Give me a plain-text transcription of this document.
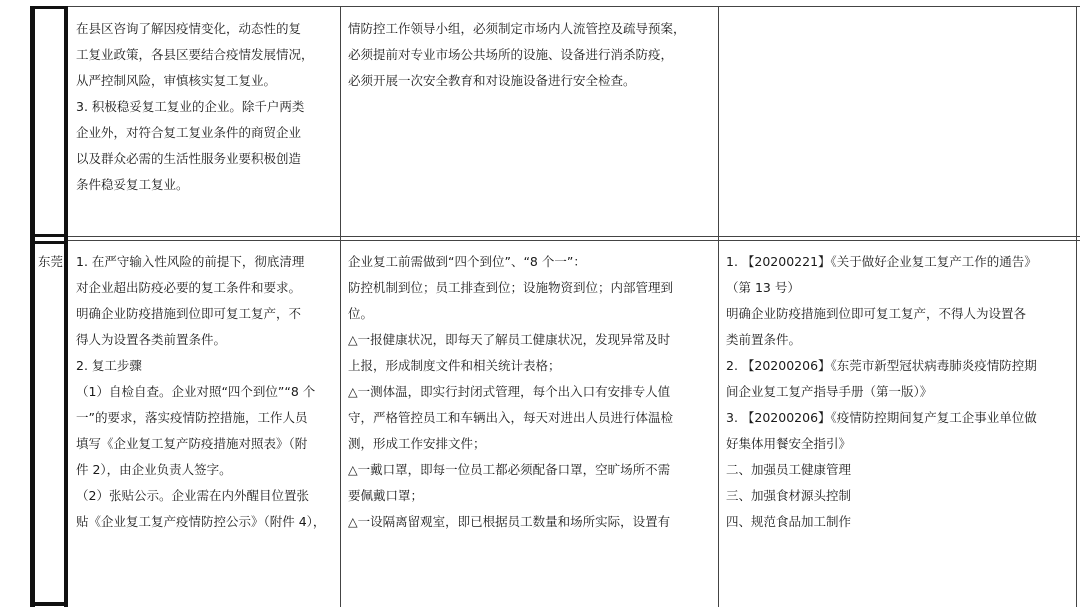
在县区咨询了解因疫情变化，动态性的复

工复业政策，各县区要结合疫情发展情况，

从严控制风险，审慎核实复工复业。

3. 积极稳妥复工复业的企业。除千户两类

企业外，对符合复工复业条件的商贸企业

以及群众必需的生活性服务业要积极创造

条件稳妥复工复业。

情防控工作领导小组，必须制定市场内人流管控及疏导预案，

必须提前对专业市场公共场所的设施、设备进行消杀防疫，

必须开展一次安全教育和对设施设备进行安全检查。

东莞 1. 在严守输入性风险的前提下，彻底清理

对企业超出防疫必要的复工条件和要求。

明确企业防疫措施到位即可复工复产，不

得人为设置各类前置条件。

2. 复工步骤

（1）自检自查。企业对照“四个到位”“8 个

一”的要求，落实疫情防控措施，工作人员

填写《企业复工复产防疫措施对照表》（附

件 2），由企业负责人签字。

（2）张贴公示。企业需在内外醒目位置张

贴《企业复工复产疫情防控公示》（附件 4），

企业复工前需做到“四个到位”、“8 个一”：

防控机制到位；员工排查到位；设施物资到位；内部管理到

位。

△一报健康状况，即每天了解员工健康状况，发现异常及时

上报，形成制度文件和相关统计表格；

△一测体温，即实行封闭式管理，每个出入口有安排专人值

守，严格管控员工和车辆出入，每天对进出人员进行体温检

测，形成工作安排文件；

△一戴口罩，即每一位员工都必须配备口罩，空旷场所不需

要佩戴口罩；

△一设隔离留观室，即已根据员工数量和场所实际，设置有

1. 【20200221】《关于做好企业复工复产工作的通告》

（第 13 号）

明确企业防疫措施到位即可复工复产，不得人为设置各

类前置条件。

2. 【20200206】《东莞市新型冠状病毒肺炎疫情防控期

间企业复工复产指导手册（第一版）》

3. 【20200206】《疫情防控期间复产复工企事业单位做

好集体用餐安全指引》

二、加强员工健康管理

三、加强食材源头控制

四、规范食品加工制作
